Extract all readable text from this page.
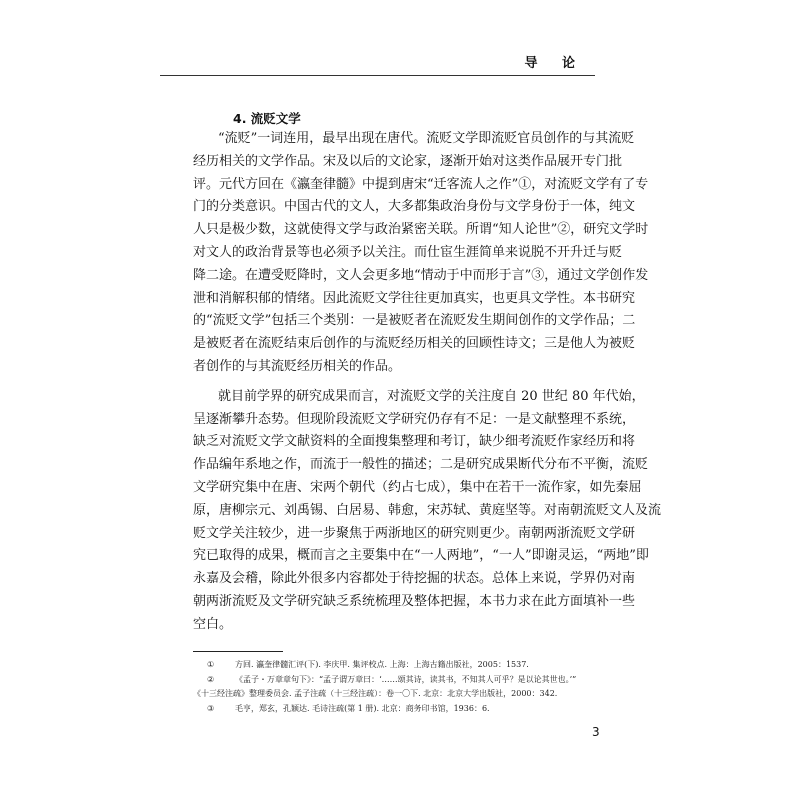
导 论
4. 流贬文学
“流贬”一词连用，最早出现在唐代。流贬文学即流贬官员创作的与其流贬
经历相关的文学作品。宋及以后的文论家，逐渐开始对这类作品展开专门批
评。元代方回在《瀛奎律髓》中提到唐宋“迁客流人之作”①，对流贬文学有了专
门的分类意识。中国古代的文人，大多都集政治身份与文学身份于一体，纯文
人只是极少数，这就使得文学与政治紧密关联。所谓“知人论世”②，研究文学时
对文人的政治背景等也必须予以关注。而仕宦生涯简单来说脱不开升迁与贬
降二途。在遭受贬降时，文人会更多地“情动于中而形于言”③，通过文学创作发
泄和消解积郁的情绪。因此流贬文学往往更加真实，也更具文学性。本书研究
的“流贬文学”包括三个类别：一是被贬者在流贬发生期间创作的文学作品；二
是被贬者在流贬结束后创作的与流贬经历相关的回顾性诗文；三是他人为被贬
者创作的与其流贬经历相关的作品。
就目前学界的研究成果而言，对流贬文学的关注度自 20 世纪 80 年代始，
呈逐渐攀升态势。但现阶段流贬文学研究仍存有不足：一是文献整理不系统，
缺乏对流贬文学文献资料的全面搜集整理和考订，缺少细考流贬作家经历和将
作品编年系地之作，而流于一般性的描述；二是研究成果断代分布不平衡，流贬
文学研究集中在唐、宋两个朝代（约占七成），集中在若干一流作家，如先秦屈
原，唐柳宗元、刘禹锡、白居易、韩愈，宋苏轼、黄庭坚等。对南朝流贬文人及流
贬文学关注较少，进一步聚焦于两浙地区的研究则更少。南朝两浙流贬文学研
究已取得的成果，概而言之主要集中在“一人两地”，“一人”即谢灵运，“两地”即
永嘉及会稽，除此外很多内容都处于待挖掘的状态。总体上来说，学界仍对南
朝两浙流贬及文学研究缺乏系统梳理及整体把握，本书力求在此方面填补一些
空白。
①	方回. 瀛奎律髓汇评(下). 李庆甲. 集评校点. 上海：上海古籍出版社，2005：1537.
②	《孟子・万章章句下》：“孟子谓万章曰：‘……颂其诗，读其书，不知其人可乎？是以论其世也。’”
《十三经注疏》整理委员会. 孟子注疏（十三经注疏）：卷一〇下. 北京：北京大学出版社，2000：342.
③	毛亨，郑玄，孔颖达. 毛诗注疏(第 1 册). 北京：商务印书馆，1936：6.
3
